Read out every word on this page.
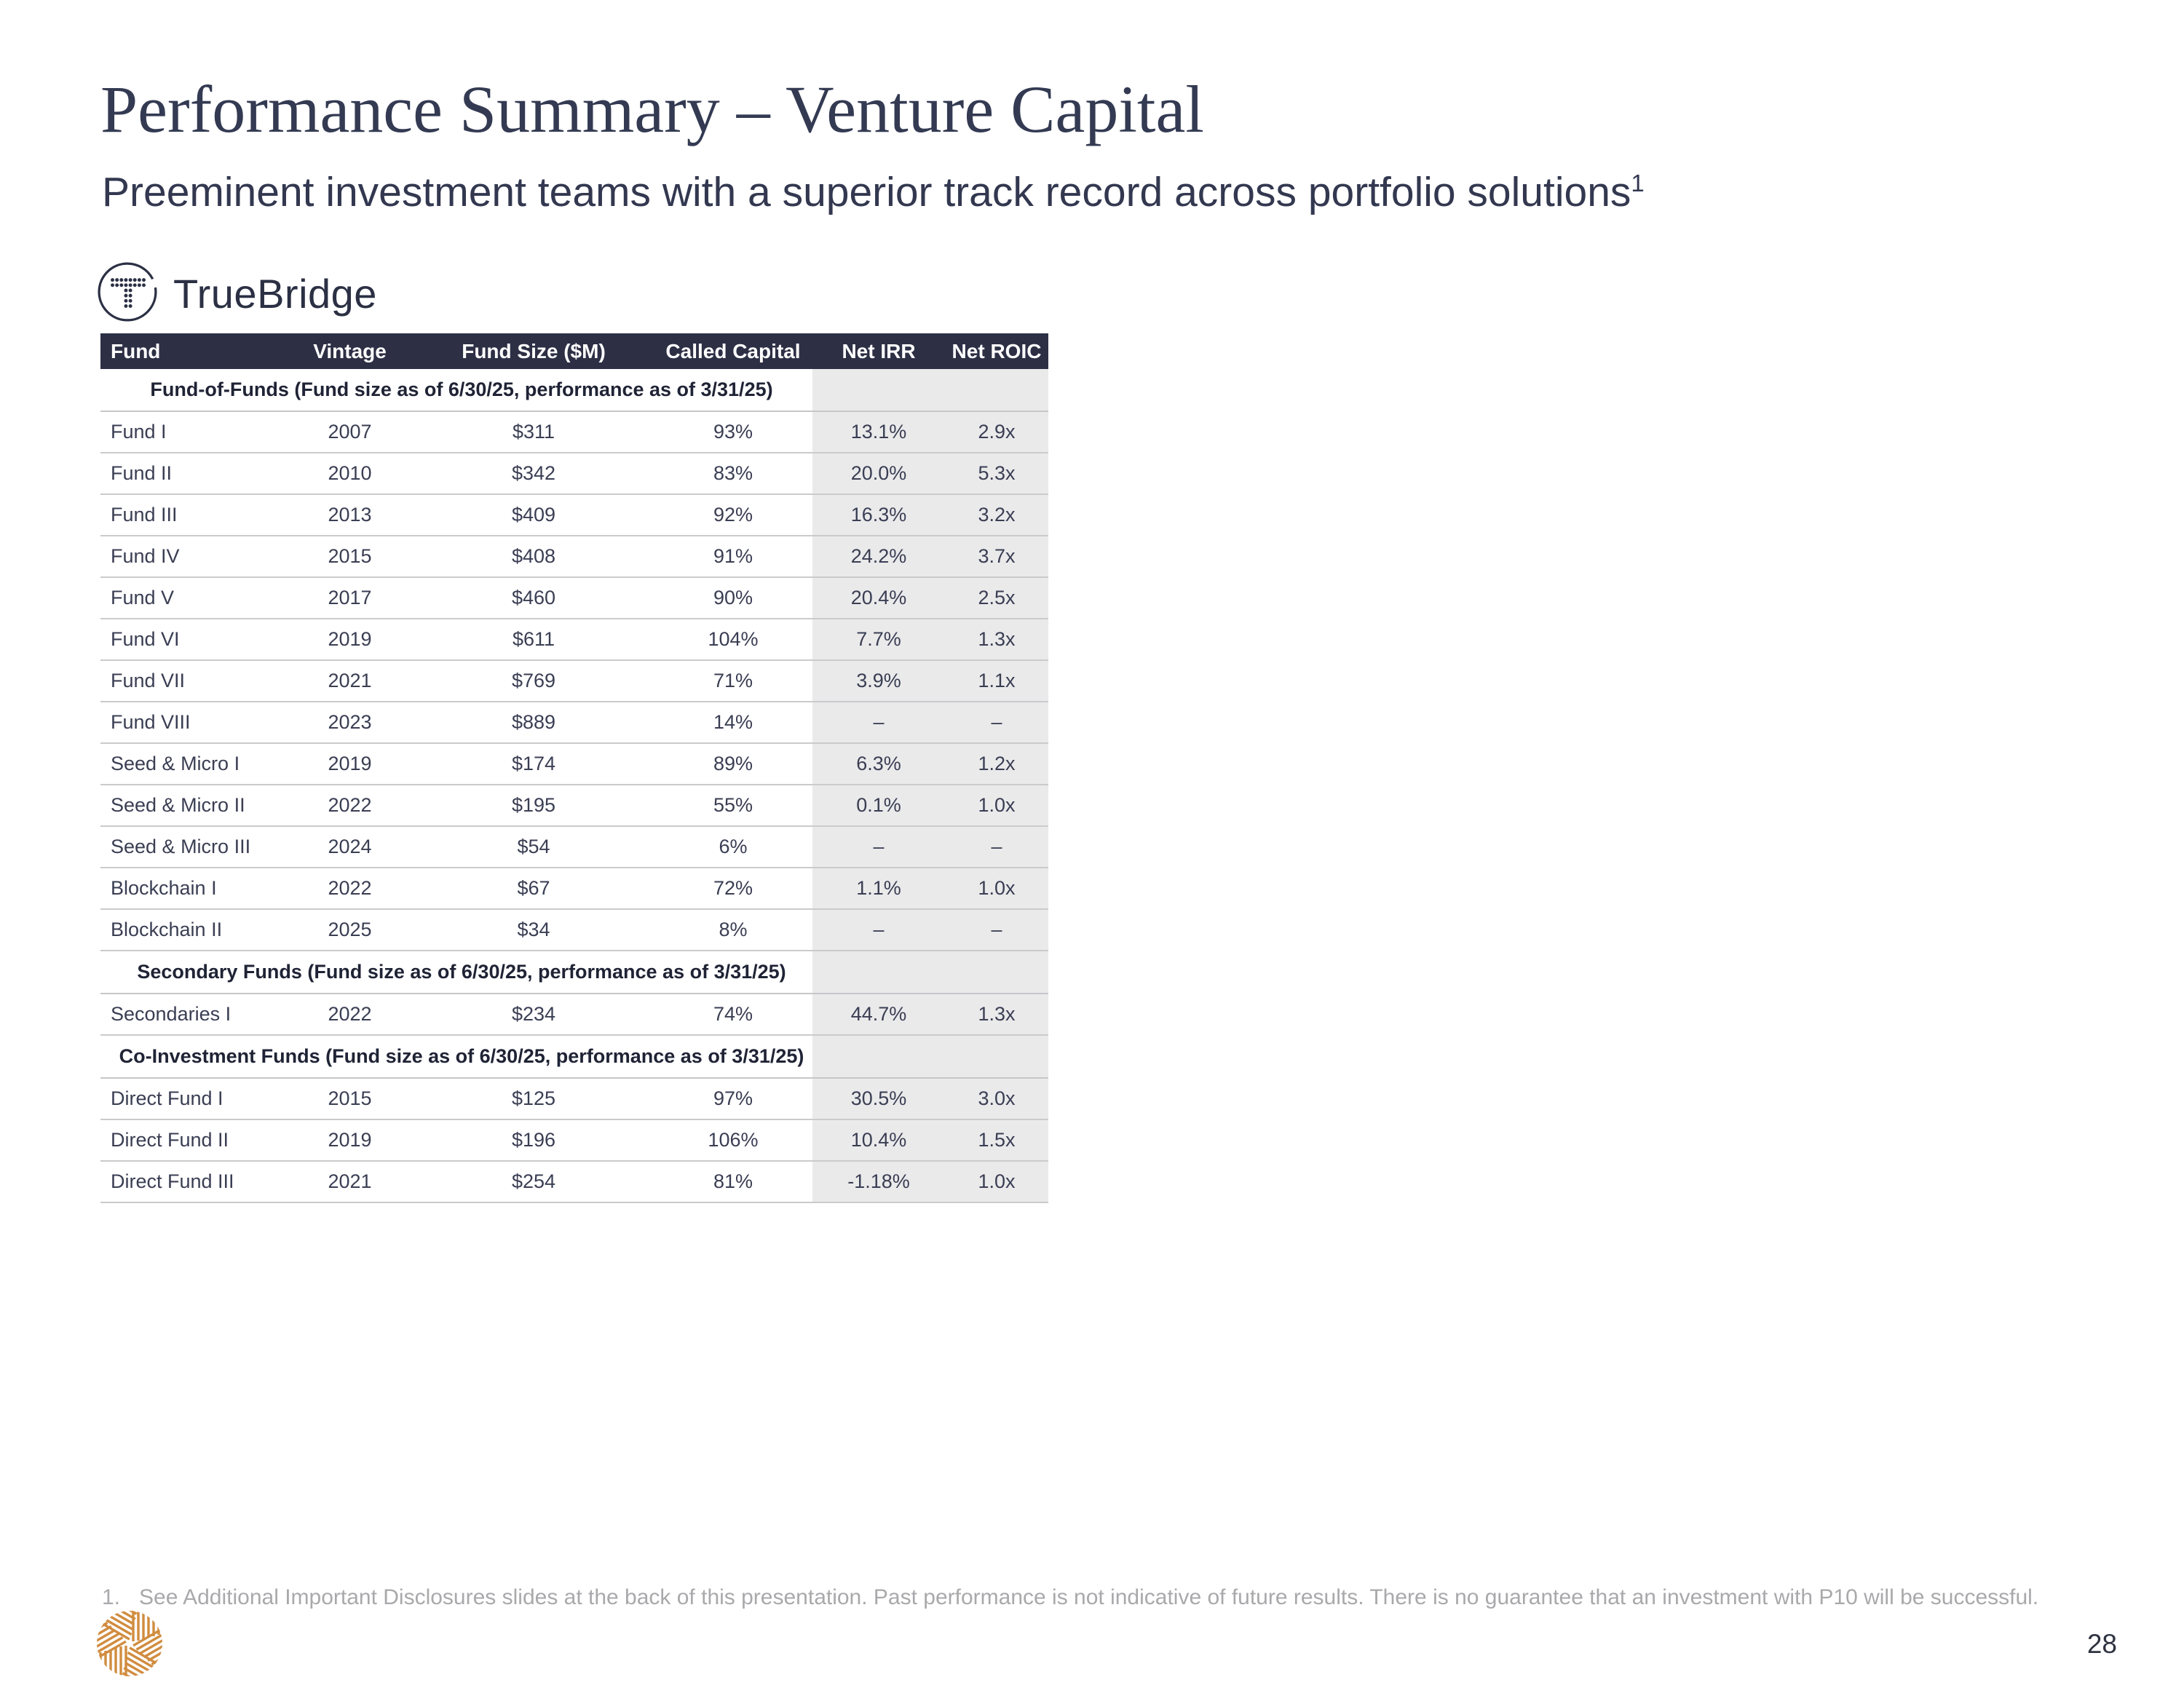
Performance Summary – Venture Capital
Preeminent investment teams with a superior track record across portfolio solutions$^1$
TrueBridge
Fund	Vintage	Fund Size ($M)	Called Capital	Net IRR	Net ROIC
Fund-of-Funds (Fund size as of 6/30/25, performance as of 3/31/25)
Fund I	2007	$311	93%	13.1%	2.9x
Fund II	2010	$342	83%	20.0%	5.3x
Fund III	2013	$409	92%	16.3%	3.2x
Fund IV	2015	$408	91%	24.2%	3.7x
Fund V	2017	$460	90%	20.4%	2.5x
Fund VI	2019	$611	104%	7.7%	1.3x
Fund VII	2021	$769	71%	3.9%	1.1x
Fund VIII	2023	$889	14%	–	–
Seed & Micro I	2019	$174	89%	6.3%	1.2x
Seed & Micro II	2022	$195	55%	0.1%	1.0x
Seed & Micro III	2024	$54	6%	–	–
Blockchain I	2022	$67	72%	1.1%	1.0x
Blockchain II	2025	$34	8%	–	–
Secondary Funds (Fund size as of 6/30/25, performance as of 3/31/25)
Secondaries I	2022	$234	74%	44.7%	1.3x
Co-Investment Funds (Fund size as of 6/30/25, performance as of 3/31/25)
Direct Fund I	2015	$125	97%	30.5%	3.0x
Direct Fund II	2019	$196	106%	10.4%	1.5x
Direct Fund III	2021	$254	81%	-1.18%	1.0x
1. See Additional Important Disclosures slides at the back of this presentation. Past performance is not indicative of future results. There is no guarantee that an investment with P10 will be successful.
28
